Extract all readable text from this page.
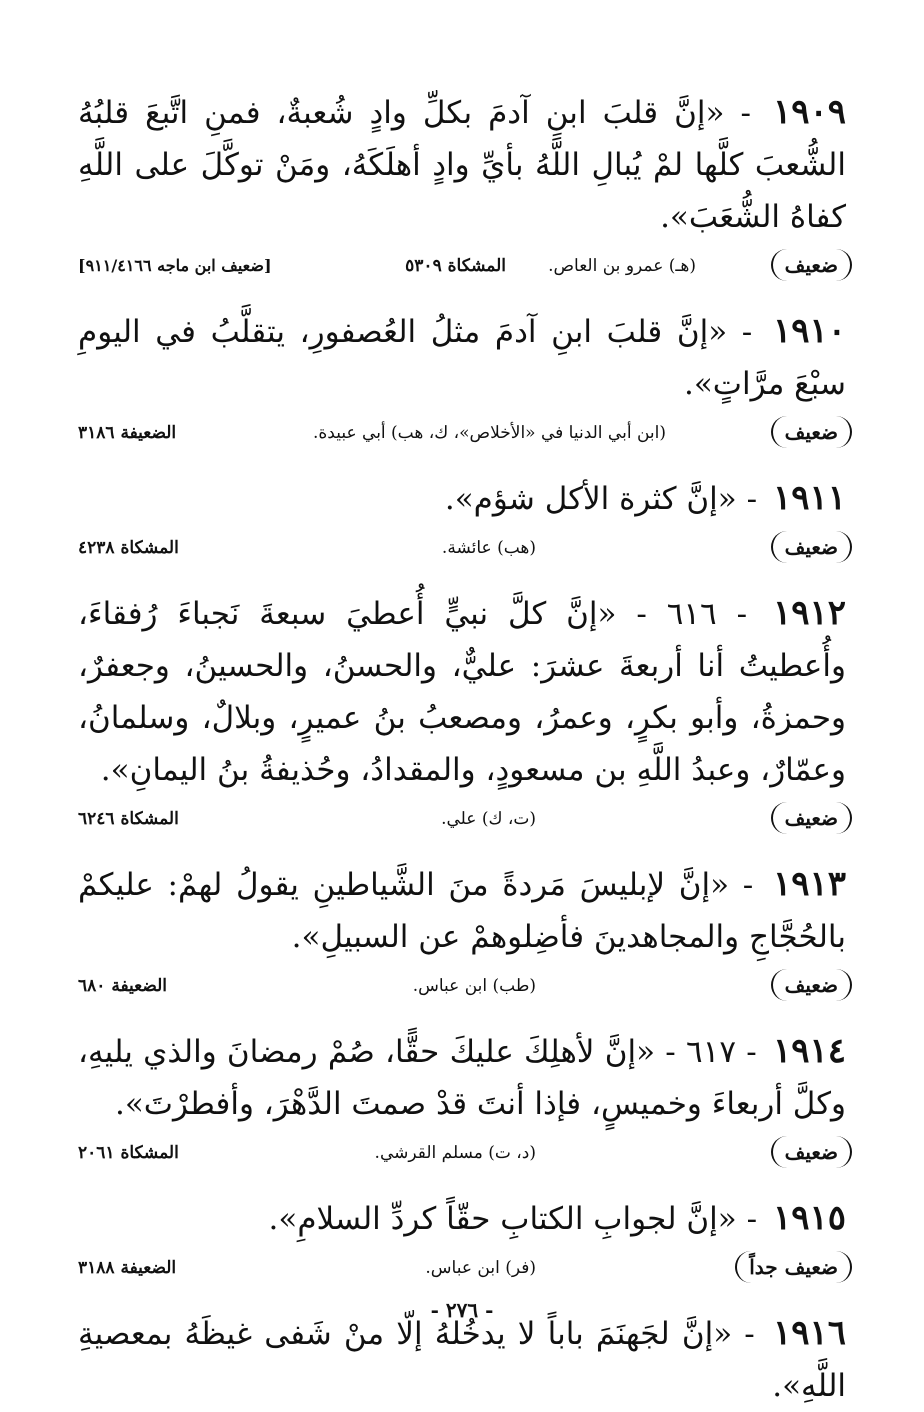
١٩٠٩ - «إنَّ قلبَ ابنِ آدمَ بكلِّ وادٍ شُعبةٌ، فمنِ اتَّبعَ قلبُهُ الشُّعبَ كلَّها لمْ يُبالِ اللَّهُ بأيِّ وادٍ أهلَكَهُ، ومَنْ توكَّلَ على اللَّهِ كفاهُ الشُّعَبَ».
ضعيف
(هـ) عمرو بن العاص.
المشكاة ٥٣٠٩
[ضعيف ابن ماجه ٩١١/٤١٦٦]
١٩١٠ - «إنَّ قلبَ ابنِ آدمَ مثلُ العُصفورِ، يتقلَّبُ في اليومِ سبْعَ مرَّاتٍ».
ضعيف
(ابن أبي الدنيا في «الأخلاص»، ك، هب) أبي عبيدة.
الضعيفة ٣١٨٦
١٩١١ - «إنَّ كثرة الأكل شؤم».
ضعيف
(هب) عائشة.
المشكاة ٤٢٣٨
١٩١٢ - ٦١٦ - «إنَّ كلَّ نبيٍّ أُعطيَ سبعةَ نَجباءَ رُفقاءَ، وأُعطيتُ أنا أربعةَ عشرَ: عليٌّ، والحسنُ، والحسينُ، وجعفرٌ، وحمزةُ، وأبو بكرٍ، وعمرُ، ومصعبُ بنُ عميرٍ، وبلالٌ، وسلمانُ، وعمّارٌ، وعبدُ اللَّهِ بن مسعودٍ، والمقدادُ، وحُذيفةُ بنُ اليمانِ».
ضعيف
(ت، ك) علي.
المشكاة ٦٢٤٦
١٩١٣ - «إنَّ لإبليسَ مَردةً منَ الشَّياطينِ يقولُ لهمْ: عليكمْ بالحُجَّاجِ والمجاهدينَ فأضِلوهمْ عن السبيلِ».
ضعيف
(طب) ابن عباس.
الضعيفة ٦٨٠
١٩١٤ - ٦١٧ - «إنَّ لأهلِكَ عليكَ حقًّا، صُمْ رمضانَ والذي يليهِ، وكلَّ أربعاءَ وخميسٍ، فإذا أنتَ قدْ صمتَ الدَّهْرَ، وأفطرْتَ».
ضعيف
(د، ت) مسلم القرشي.
المشكاة ٢٠٦١
١٩١٥ - «إنَّ لجوابِ الكتابِ حقّاً كردِّ السلامِ».
ضعيف جداً
(فر) ابن عباس.
الضعيفة ٣١٨٨
١٩١٦ - «إنَّ لجَهنَمَ باباً لا يدخُلهُ إلّا منْ شَفى غيظَهُ بمعصيةِ اللَّهِ».
- ٢٧٦ -
